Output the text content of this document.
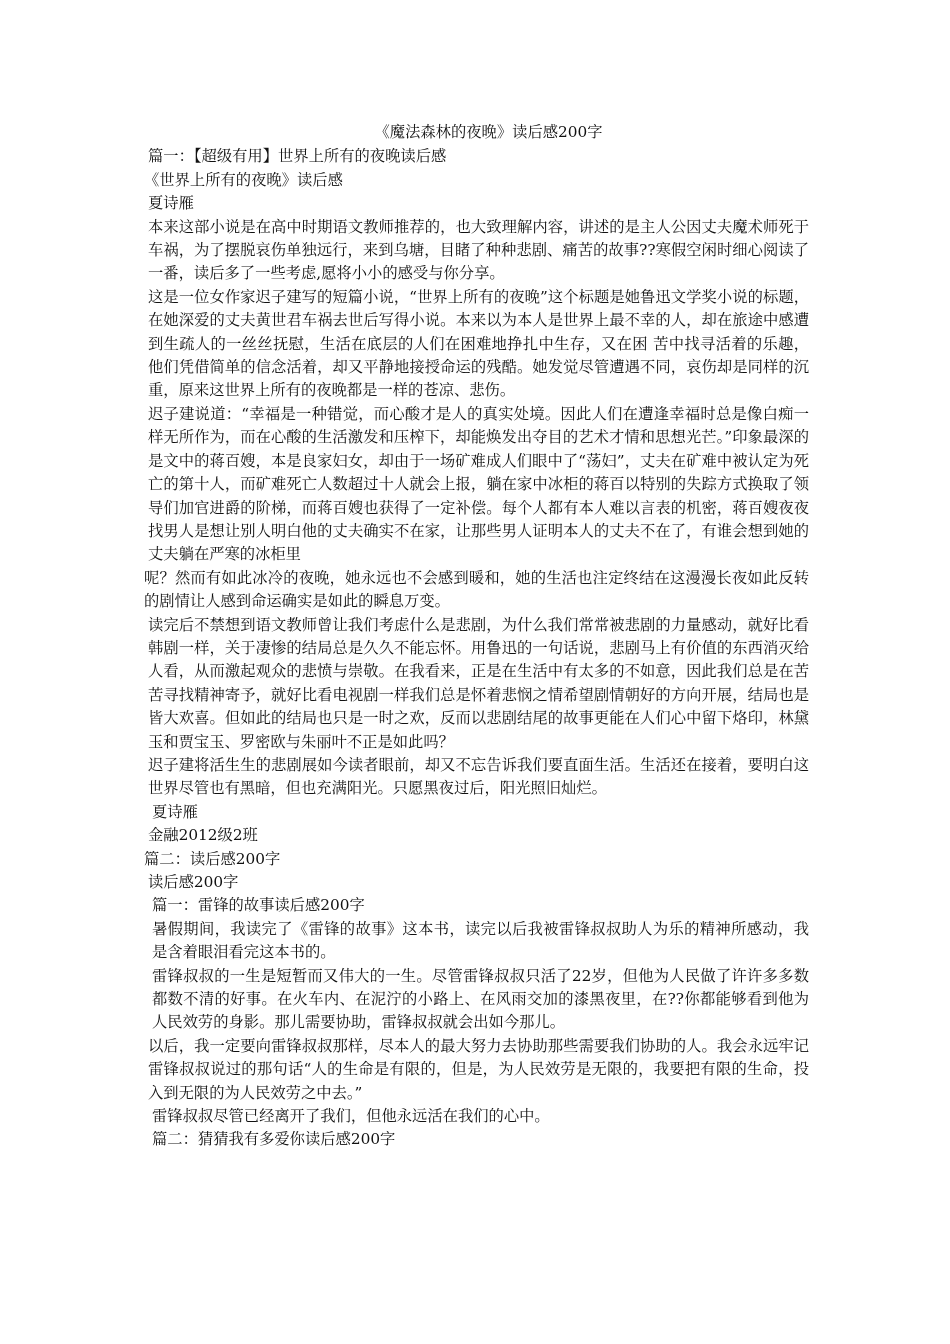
《魔法森林的夜晚》读后感200字

篇一：【超级有用】世界上所有的夜晚读后感

《世界上所有的夜晚》读后感

夏诗雁

本来这部小说是在高中时期语文教师推荐的，也大致理解内容，讲述的是主人公因丈夫魔术师死于车祸，为了摆脱哀伤单独远行，来到乌塘，目睹了种种悲剧、痛苦的故事??寒假空闲时细心阅读了一番，读后多了一些考虑,愿将小小的感受与你分享。

这是一位女作家迟子建写的短篇小说，“世界上所有的夜晚”这个标题是她鲁迅文学奖小说的标题，在她深爱的丈夫黄世君车祸去世后写得小说。本来以为本人是世界上最不幸的人，却在旅途中感遭到生疏人的一丝丝抚慰，生活在底层的人们在困难地挣扎中生存，又在困 苦中找寻活着的乐趣，他们凭借简单的信念活着，却又平静地接授命运的残酷。她发觉尽管遭遇不同，哀伤却是同样的沉重，原来这世界上所有的夜晚都是一样的苍凉、悲伤。

迟子建说道：“幸福是一种错觉，而心酸才是人的真实处境。因此人们在遭逢幸福时总是像白痴一样无所作为，而在心酸的生活激发和压榨下，却能焕发出夺目的艺术才情和思想光芒。”印象最深的是文中的蒋百嫂，本是良家妇女，却由于一场矿难成人们眼中了“荡妇”，丈夫在矿难中被认定为死亡的第十人，而矿难死亡人数超过十人就会上报，躺在家中冰柜的蒋百以特别的失踪方式换取了领导们加官进爵的阶梯，而蒋百嫂也获得了一定补偿。每个人都有本人难以言表的机密，蒋百嫂夜夜找男人是想让别人明白他的丈夫确实不在家，让那些男人证明本人的丈夫不在了，有谁会想到她的丈夫躺在严寒的冰柜里

呢？然而有如此冰冷的夜晚，她永远也不会感到暖和，她的生活也注定终结在这漫漫长夜如此反转的剧情让人感到命运确实是如此的瞬息万变。

读完后不禁想到语文教师曾让我们考虑什么是悲剧，为什么我们常常被悲剧的力量感动，就好比看韩剧一样，关于凄惨的结局总是久久不能忘怀。用鲁迅的一句话说，悲剧马上有价值的东西消灭给人看，从而激起观众的悲愤与崇敬。在我看来，正是在生活中有太多的不如意，因此我们总是在苦苦寻找精神寄予，就好比看电视剧一样我们总是怀着悲悯之情希望剧情朝好的方向开展，结局也是皆大欢喜。但如此的结局也只是一时之欢，反而以悲剧结尾的故事更能在人们心中留下烙印，林黛玉和贾宝玉、罗密欧与朱丽叶不正是如此吗？

迟子建将活生生的悲剧展如今读者眼前，却又不忘告诉我们要直面生活。生活还在接着，要明白这世界尽管也有黑暗，但也充满阳光。只愿黑夜过后，阳光照旧灿烂。

夏诗雁

金融2012级2班

篇二：读后感200字

读后感200字

篇一：雷锋的故事读后感200字

暑假期间，我读完了《雷锋的故事》这本书，读完以后我被雷锋叔叔助人为乐的精神所感动，我是含着眼泪看完这本书的。

雷锋叔叔的一生是短暂而又伟大的一生。尽管雷锋叔叔只活了22岁，但他为人民做了许许多多数都数不清的好事。在火车内、在泥泞的小路上、在风雨交加的漆黑夜里，在??你都能够看到他为人民效劳的身影。那儿需要协助，雷锋叔叔就会出如今那儿。

以后，我一定要向雷锋叔叔那样，尽本人的最大努力去协助那些需要我们协助的人。我会永远牢记雷锋叔叔说过的那句话“人的生命是有限的，但是，为人民效劳是无限的，我要把有限的生命，投入到无限的为人民效劳之中去。”

雷锋叔叔尽管已经离开了我们，但他永远活在我们的心中。

篇二：猜猜我有多爱你读后感200字
